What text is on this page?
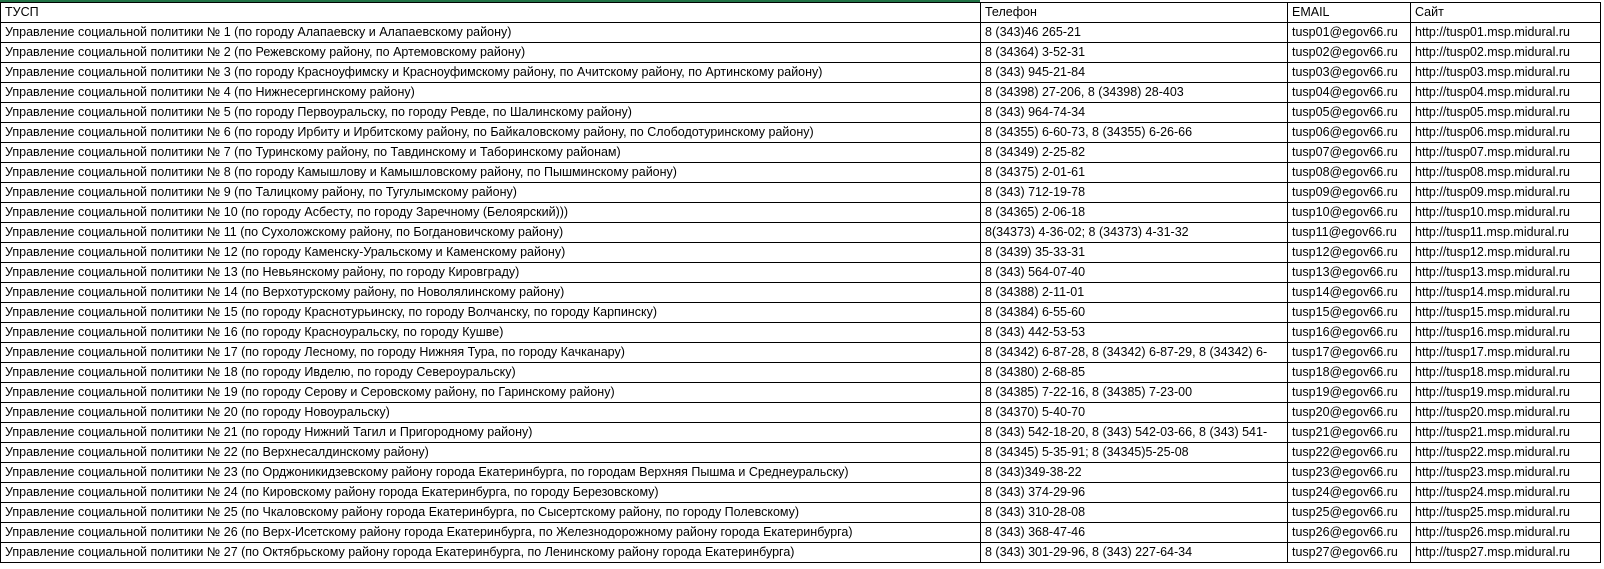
ТУСП	Телефон	EMAIL	Сайт
Управление социальной политики № 1 (по городу Алапаевску и Алапаевскому району)	8 (343)46 265-21	tusp01@egov66.ru	http://tusp01.msp.midural.ru
Управление социальной политики № 2 (по Режевскому району, по Артемовскому району)	8 (34364) 3-52-31	tusp02@egov66.ru	http://tusp02.msp.midural.ru
Управление социальной политики № 3 (по городу Красноуфимску и Красноуфимскому району, по Ачитскому району, по Артинскому району)	8 (343) 945-21-84	tusp03@egov66.ru	http://tusp03.msp.midural.ru
Управление социальной политики № 4 (по Нижнесергинскому району)	8 (34398) 27-206, 8 (34398) 28-403	tusp04@egov66.ru	http://tusp04.msp.midural.ru
Управление социальной политики № 5 (по городу Первоуральску, по городу Ревде, по Шалинскому району)	8 (343) 964-74-34	tusp05@egov66.ru	http://tusp05.msp.midural.ru
Управление социальной политики № 6 (по городу Ирбиту и Ирбитскому району, по Байкаловскому району, по Слободотуринскому району)	8 (34355) 6-60-73, 8 (34355) 6-26-66	tusp06@egov66.ru	http://tusp06.msp.midural.ru
Управление социальной политики № 7 (по Туринскому району, по Тавдинскому и Таборинскому районам)	8 (34349) 2-25-82	tusp07@egov66.ru	http://tusp07.msp.midural.ru
Управление социальной политики № 8 (по городу Камышлову и Камышловскому району, по Пышминскому району)	8 (34375) 2-01-61	tusp08@egov66.ru	http://tusp08.msp.midural.ru
Управление социальной политики № 9 (по Талицкому району, по Тугулымскому району)	8 (343) 712-19-78	tusp09@egov66.ru	http://tusp09.msp.midural.ru
Управление социальной политики № 10 (по городу Асбесту, по городу Заречному (Белоярский)))	8 (34365) 2-06-18	tusp10@egov66.ru	http://tusp10.msp.midural.ru
Управление социальной политики № 11 (по Сухоложскому району, по Богдановичскому району)	8(34373) 4-36-02; 8 (34373) 4-31-32	tusp11@egov66.ru	http://tusp11.msp.midural.ru
Управление социальной политики № 12 (по городу Каменску-Уральскому и Каменскому району)	8 (3439) 35-33-31	tusp12@egov66.ru	http://tusp12.msp.midural.ru
Управление социальной политики № 13 (по Невьянскому району, по городу Кировграду)	8 (343) 564-07-40	tusp13@egov66.ru	http://tusp13.msp.midural.ru
Управление социальной политики № 14 (по Верхотурскому району, по Новолялинскому району)	8 (34388) 2-11-01	tusp14@egov66.ru	http://tusp14.msp.midural.ru
Управление социальной политики № 15 (по городу Краснотурьинску, по городу Волчанску, по городу Карпинску)	8 (34384) 6-55-60	tusp15@egov66.ru	http://tusp15.msp.midural.ru
Управление социальной политики № 16 (по городу Красноуральску, по городу Кушве)	8 (343) 442-53-53	tusp16@egov66.ru	http://tusp16.msp.midural.ru
Управление социальной политики № 17 (по городу Лесному, по городу Нижняя Тура, по городу Качканару)	8 (34342) 6-87-28, 8 (34342) 6-87-29, 8 (34342) 6-	tusp17@egov66.ru	http://tusp17.msp.midural.ru
Управление социальной политики № 18 (по городу Ивделю, по городу Североуральску)	8 (34380) 2-68-85	tusp18@egov66.ru	http://tusp18.msp.midural.ru
Управление социальной политики № 19 (по городу Серову и Серовскому району, по Гаринскому району)	8 (34385) 7-22-16, 8 (34385) 7-23-00	tusp19@egov66.ru	http://tusp19.msp.midural.ru
Управление социальной политики № 20 (по городу Новоуральску)	8 (34370) 5-40-70	tusp20@egov66.ru	http://tusp20.msp.midural.ru
Управление социальной политики № 21 (по городу Нижний Тагил и Пригородному району)	8 (343) 542-18-20, 8 (343) 542-03-66, 8 (343) 541-	tusp21@egov66.ru	http://tusp21.msp.midural.ru
Управление социальной политики № 22 (по Верхнесалдинскому району)	8 (34345) 5-35-91; 8 (34345)5-25-08	tusp22@egov66.ru	http://tusp22.msp.midural.ru
Управление социальной политики № 23 (по Орджоникидзевскому району города Екатеринбурга, по городам Верхняя Пышма и Среднеуральску)	8 (343)349-38-22	tusp23@egov66.ru	http://tusp23.msp.midural.ru
Управление социальной политики № 24 (по Кировскому району города Екатеринбурга, по городу Березовскому)	8 (343) 374-29-96	tusp24@egov66.ru	http://tusp24.msp.midural.ru
Управление социальной политики № 25 (по Чкаловскому району города Екатеринбурга, по Сысертскому району, по городу Полевскому)	8 (343) 310-28-08	tusp25@egov66.ru	http://tusp25.msp.midural.ru
Управление социальной политики № 26 (по Верх-Исетскому району города Екатеринбурга, по Железнодорожному району города Екатеринбурга)	8 (343) 368-47-46	tusp26@egov66.ru	http://tusp26.msp.midural.ru
Управление социальной политики № 27 (по Октябрьскому району города Екатеринбурга, по Ленинскому району города Екатеринбурга)	8 (343) 301-29-96, 8 (343) 227-64-34	tusp27@egov66.ru	http://tusp27.msp.midural.ru
